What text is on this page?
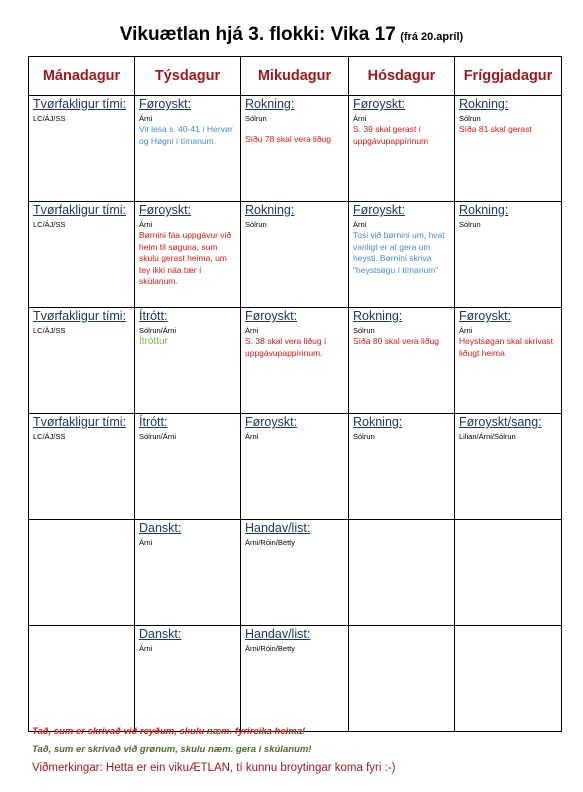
Vikuætlan hjá 3. flokki: Vika 17 (frá 20.apríl)
Mánadagur	Týsdagur	Mikudagur	Hósdagur	Fríggjadagur

Tvørfakligur tími:
LC/ÁJ/SS	Føroyskt:
Árni
Vit lesa s. 40-41 í Hervør og Høgni í tímanum.	Rokning:
Sólrun
Síðu 78 skal vera liðug	Føroyskt:
Árni
S. 39 skal gerast í uppgávupappírinum	Rokning:
Sólrun
Síða 81 skal gerast

Tvørfakligur tími:
LC/ÁJ/SS	Føroyskt:
Árni
Børnini fáa uppgávur við heim til søguna, sum skulu gerast heima, um tey ikki náa tær í skúlanum.	Rokning:
Sólrun	Føroyskt:
Árni
Tosi við børnini um, hvat vanligt er at gera um heysti. Børnini skriva "heystsøgu í tímanum"	Rokning:
Sólrun

Tvørfakligur tími:
LC/ÁJ/SS	Ítrótt:
Sólrun/Árni
Ítróttur	Føroyskt:
Árni
S. 38 skal vera liðug í uppgávupappírinum.	Rokning:
Sólrun
Síða 80 skal vera liðug	Føroyskt:
Árni
Heystsøgan skal skrivast liðugt heima

Tvørfakligur tími:
LC/ÁJ/SS	Ítrótt:
Sólrun/Árni	Føroyskt:
Árni	Rokning:
Sólrun	Føroyskt/sang:
Lilian/Árni/Sólrun

	Danskt:
Árni	Handav/list:
Árni/Róin/Betty		

	Danskt:
Árni	Handav/list:
Árni/Róin/Betty		

Tað, sum er skrivað við reyðum, skulu næm. fyrireika heima!
Tað, sum er skrivað við grønum, skulu næm. gera í skúlanum!
Viðmerkingar: Hetta er ein vikuÆTLAN, tí kunnu broytingar koma fyri :-)
